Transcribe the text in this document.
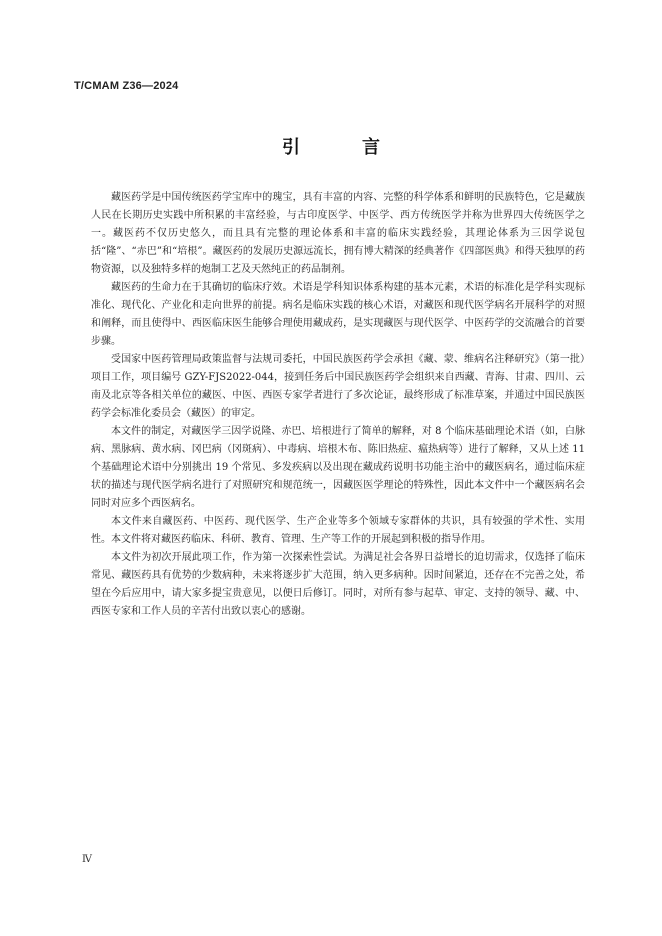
T/CMAM Z36—2024
引　言

藏医药学是中国传统医药学宝库中的瑰宝，具有丰富的内容、完整的科学体系和鲜明的民族特色，它是藏族人民在长期历史实践中所积累的丰富经验，与古印度医学、中医学、西方传统医学并称为世界四大传统医学之一。藏医药不仅历史悠久，而且具有完整的理论体系和丰富的临床实践经验，其理论体系为三因学说包括“隆”、“赤巴”和“培根”。藏医药的发展历史源远流长，拥有博大精深的经典著作《四部医典》和得天独厚的药物资源，以及独特多样的炮制工艺及天然纯正的药品制剂。

藏医药的生命力在于其确切的临床疗效。术语是学科知识体系构建的基本元素，术语的标准化是学科实现标准化、现代化、产业化和走向世界的前提。病名是临床实践的核心术语，对藏医和现代医学病名开展科学的对照和阐释，而且使得中、西医临床医生能够合理使用藏成药，是实现藏医与现代医学、中医药学的交流融合的首要步骤。

受国家中医药管理局政策监督与法规司委托，中国民族医药学会承担《藏、蒙、维病名注释研究》（第一批）项目工作，项目编号 GZY-FJS2022-044，接到任务后中国民族医药学会组织来自西藏、青海、甘肃、四川、云南及北京等各相关单位的藏医、中医、西医专家学者进行了多次论证，最终形成了标准草案，并通过中国民族医药学会标准化委员会（藏医）的审定。

本文件的制定，对藏医学三因学说隆、赤巴、培根进行了简单的解释，对 8 个临床基础理论术语（如，白脉病、黑脉病、黄水病、冈巴病（冈斑病）、中毒病、培根木布、陈旧热症、瘟热病等）进行了解释，又从上述 11 个基础理论术语中分别挑出 19 个常见、多发疾病以及出现在藏成药说明书功能主治中的藏医病名，通过临床症状的描述与现代医学病名进行了对照研究和规范统一，因藏医医学理论的特殊性，因此本文件中一个藏医病名会同时对应多个西医病名。

本文件来自藏医药、中医药、现代医学、生产企业等多个领域专家群体的共识，具有较强的学术性、实用性。本文件将对藏医药临床、科研、教育、管理、生产等工作的开展起到积极的指导作用。

本文件为初次开展此项工作，作为第一次探索性尝试。为满足社会各界日益增长的迫切需求，仅选择了临床常见、藏医药具有优势的少数病种，未来将逐步扩大范围，纳入更多病种。因时间紧迫，还存在不完善之处，希望在今后应用中，请大家多提宝贵意见，以便日后修订。同时，对所有参与起草、审定、支持的领导、藏、中、西医专家和工作人员的辛苦付出致以衷心的感谢。

Ⅳ
